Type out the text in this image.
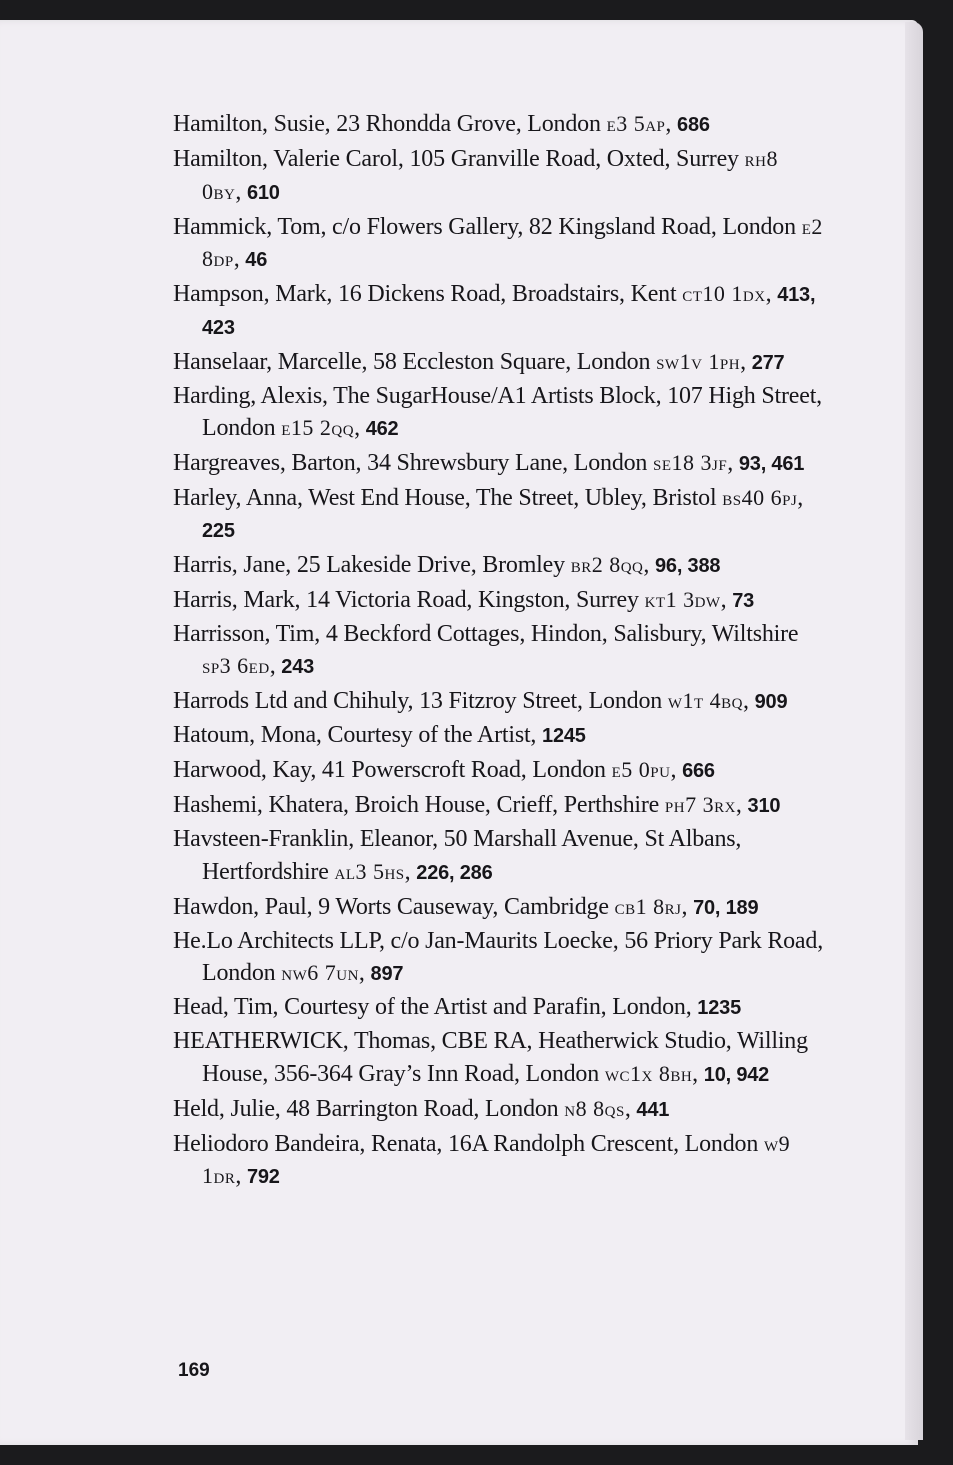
Hamilton, Susie, 23 Rhondda Grove, London e3 5ap, 686
Hamilton, Valerie Carol, 105 Granville Road, Oxted, Surrey rh8 0by, 610
Hammick, Tom, c/o Flowers Gallery, 82 Kingsland Road, London e2 8dp, 46
Hampson, Mark, 16 Dickens Road, Broadstairs, Kent ct10 1dx, 413, 423
Hanselaar, Marcelle, 58 Eccleston Square, London sw1v 1ph, 277
Harding, Alexis, The SugarHouse/A1 Artists Block, 107 High Street, London e15 2qq, 462
Hargreaves, Barton, 34 Shrewsbury Lane, London se18 3jf, 93, 461
Harley, Anna, West End House, The Street, Ubley, Bristol bs40 6pj, 225
Harris, Jane, 25 Lakeside Drive, Bromley br2 8qq, 96, 388
Harris, Mark, 14 Victoria Road, Kingston, Surrey kt1 3dw, 73
Harrisson, Tim, 4 Beckford Cottages, Hindon, Salisbury, Wiltshire sp3 6ed, 243
Harrods Ltd and Chihuly, 13 Fitzroy Street, London w1t 4bq, 909
Hatoum, Mona, Courtesy of the Artist, 1245
Harwood, Kay, 41 Powerscroft Road, London e5 0pu, 666
Hashemi, Khatera, Broich House, Crieff, Perthshire ph7 3rx, 310
Havsteen-Franklin, Eleanor, 50 Marshall Avenue, St Albans, Hertfordshire al3 5hs, 226, 286
Hawdon, Paul, 9 Worts Causeway, Cambridge cb1 8rj, 70, 189
He.Lo Architects LLP, c/o Jan-Maurits Loecke, 56 Priory Park Road, London nw6 7un, 897
Head, Tim, Courtesy of the Artist and Parafin, London, 1235
HEATHERWICK, Thomas, CBE RA, Heatherwick Studio, Willing House, 356-364 Gray’s Inn Road, London wc1x 8bh, 10, 942
Held, Julie, 48 Barrington Road, London n8 8qs, 441
Heliodoro Bandeira, Renata, 16A Randolph Crescent, London w9 1dr, 792
169
